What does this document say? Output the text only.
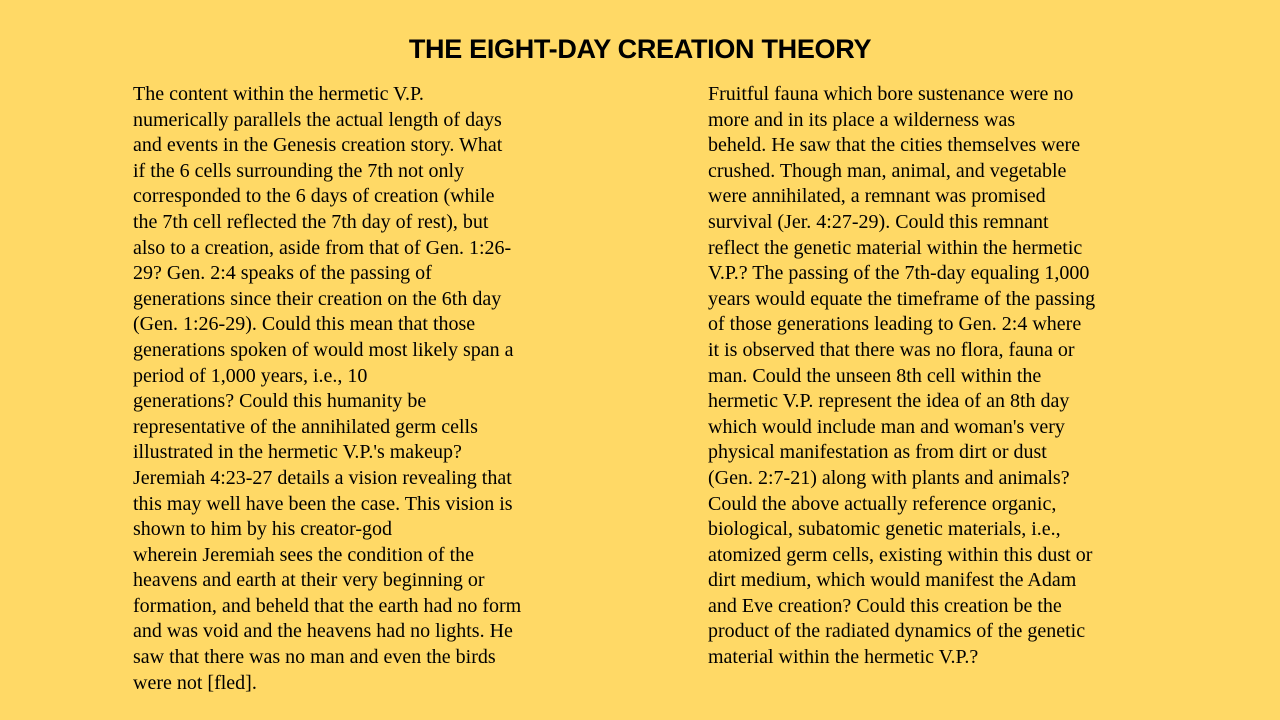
THE EIGHT-DAY CREATION THEORY
The content within the hermetic V.P.
numerically parallels the actual length of days
and events in the Genesis creation story. What
if the 6 cells surrounding the 7th not only
corresponded to the 6 days of creation (while
the 7th cell reflected the 7th day of rest), but
also to a creation, aside from that of Gen. 1:26-
29? Gen. 2:4 speaks of the passing of
generations since their creation on the 6th day
(Gen. 1:26-29). Could this mean that those
generations spoken of would most likely span a
period of 1,000 years, i.e., 10
generations? Could this humanity be
representative of the annihilated germ cells
illustrated in the hermetic V.P.'s makeup?
Jeremiah 4:23-27 details a vision revealing that
this may well have been the case. This vision is
shown to him by his creator-god
wherein Jeremiah sees the condition of the
heavens and earth at their very beginning or
formation, and beheld that the earth had no form
and was void and the heavens had no lights. He
saw that there was no man and even the birds
were not [fled].
Fruitful fauna which bore sustenance were no
more and in its place a wilderness was
beheld. He saw that the cities themselves were
crushed. Though man, animal, and vegetable
were annihilated, a remnant was promised
survival (Jer. 4:27-29). Could this remnant
reflect the genetic material within the hermetic
V.P.? The passing of the 7th-day equaling 1,000
years would equate the timeframe of the passing
of those generations leading to Gen. 2:4 where
it is observed that there was no flora, fauna or
man. Could the unseen 8th cell within the
hermetic V.P. represent the idea of an 8th day
which would include man and woman's very
physical manifestation as from dirt or dust
(Gen. 2:7-21) along with plants and animals?
Could the above actually reference organic,
biological, subatomic genetic materials, i.e.,
atomized germ cells, existing within this dust or
dirt medium, which would manifest the Adam
and Eve creation? Could this creation be the
product of the radiated dynamics of the genetic
material within the hermetic V.P.?
